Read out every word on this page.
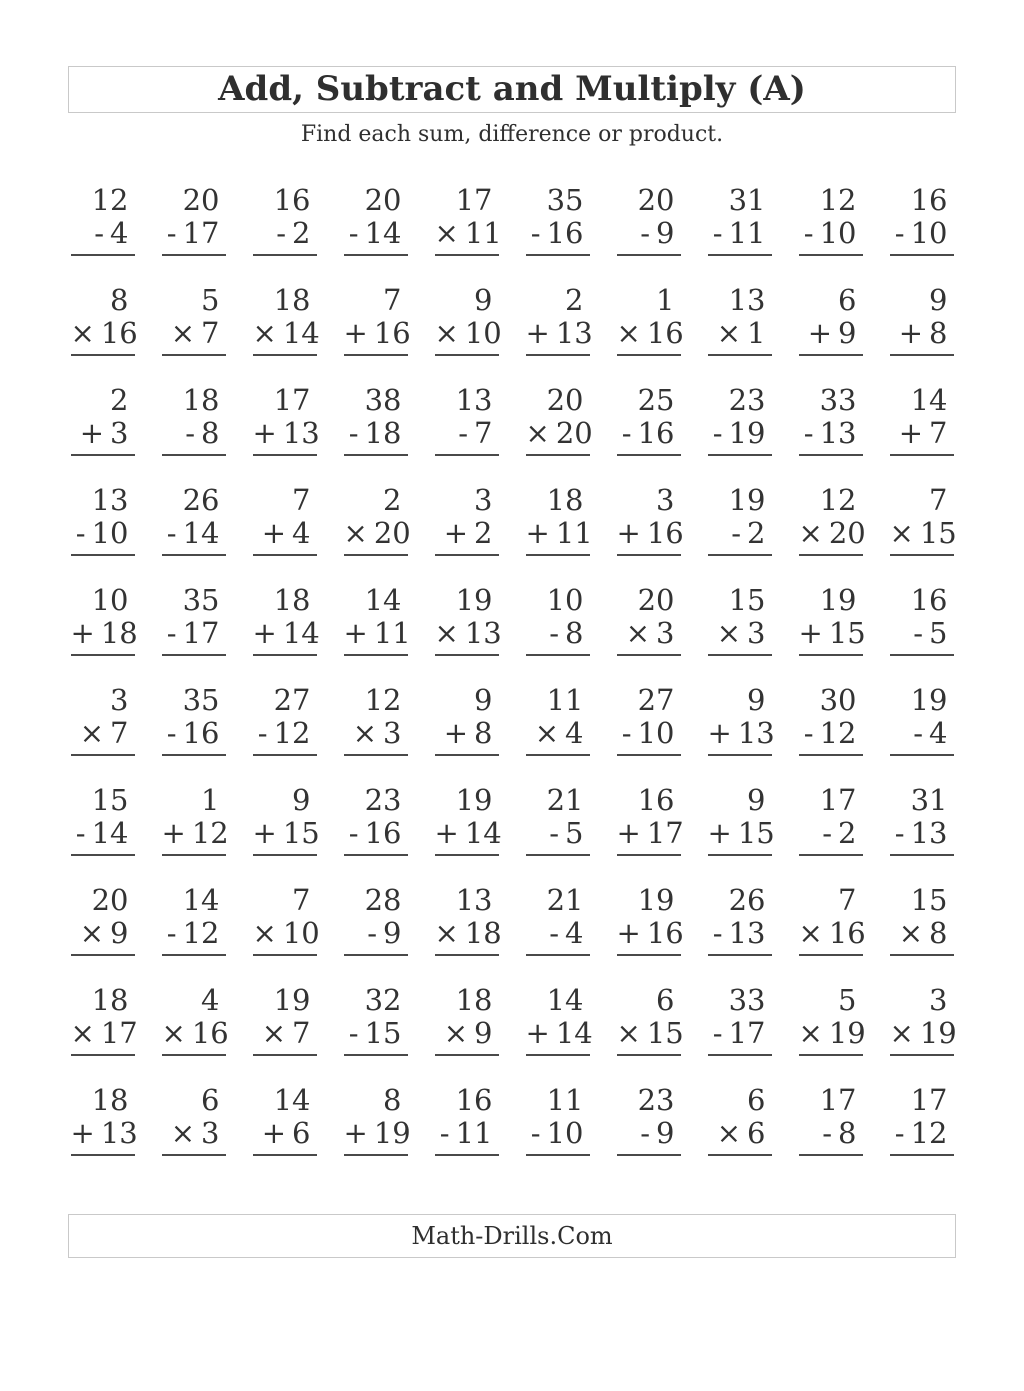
Add, Subtract and Multiply (A)

Find each sum, difference or product.

12
- 4
20
- 17
16
- 2
20
- 14
17
× 11
35
- 16
20
- 9
31
- 11
12
- 10
16
- 10
8
× 16
5
× 7
18
× 14
7
+ 16
9
× 10
2
+ 13
1
× 16
13
× 1
6
+ 9
9
+ 8
2
+ 3
18
- 8
17
+ 13
38
- 18
13
- 7
20
× 20
25
- 16
23
- 19
33
- 13
14
+ 7
13
- 10
26
- 14
7
+ 4
2
× 20
3
+ 2
18
+ 11
3
+ 16
19
- 2
12
× 20
7
× 15
10
+ 18
35
- 17
18
+ 14
14
+ 11
19
× 13
10
- 8
20
× 3
15
× 3
19
+ 15
16
- 5
3
× 7
35
- 16
27
- 12
12
× 3
9
+ 8
11
× 4
27
- 10
9
+ 13
30
- 12
19
- 4
15
- 14
1
+ 12
9
+ 15
23
- 16
19
+ 14
21
- 5
16
+ 17
9
+ 15
17
- 2
31
- 13
20
× 9
14
- 12
7
× 10
28
- 9
13
× 18
21
- 4
19
+ 16
26
- 13
7
× 16
15
× 8
18
× 17
4
× 16
19
× 7
32
- 15
18
× 9
14
+ 14
6
× 15
33
- 17
5
× 19
3
× 19
18
+ 13
6
× 3
14
+ 6
8
+ 19
16
- 11
11
- 10
23
- 9
6
× 6
17
- 8
17
- 12
Math-Drills.Com
